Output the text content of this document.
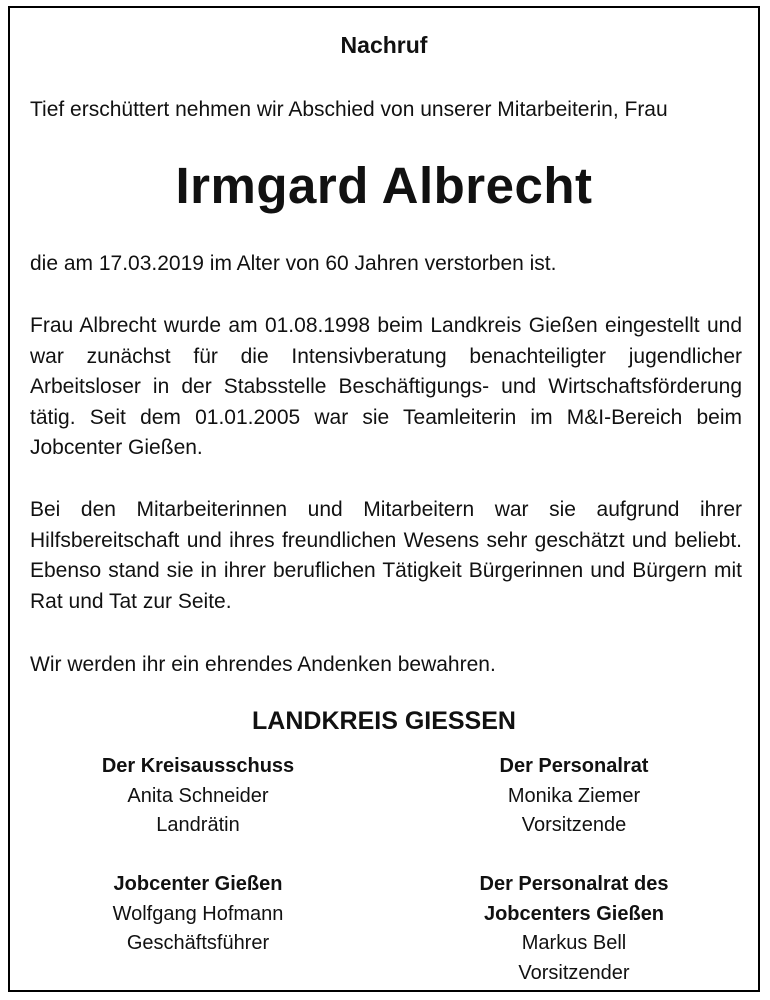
Nachruf
Tief erschüttert nehmen wir Abschied von unserer Mitarbeiterin, Frau
Irmgard Albrecht
die am 17.03.2019 im Alter von 60 Jahren verstorben ist.
Frau Albrecht wurde am 01.08.1998 beim Landkreis Gießen eingestellt und war zunächst für die Intensivberatung benachteiligter jugendlicher Arbeitsloser in der Stabsstelle Beschäftigungs- und Wirtschaftsförderung tätig. Seit dem 01.01.2005 war sie Teamleiterin im M&I-Bereich beim Jobcenter Gießen.
Bei den Mitarbeiterinnen und Mitarbeitern war sie aufgrund ihrer Hilfsbereitschaft und ihres freundlichen Wesens sehr geschätzt und beliebt. Ebenso stand sie in ihrer beruflichen Tätigkeit Bürgerinnen und Bürgern mit Rat und Tat zur Seite.
Wir werden ihr ein ehrendes Andenken bewahren.
LANDKREIS GIESSEN
Der Kreisausschuss
Anita Schneider
Landrätin
Der Personalrat
Monika Ziemer
Vorsitzende
Jobcenter Gießen
Wolfgang Hofmann
Geschäftsführer
Der Personalrat des
Jobcenters Gießen
Markus Bell
Vorsitzender
